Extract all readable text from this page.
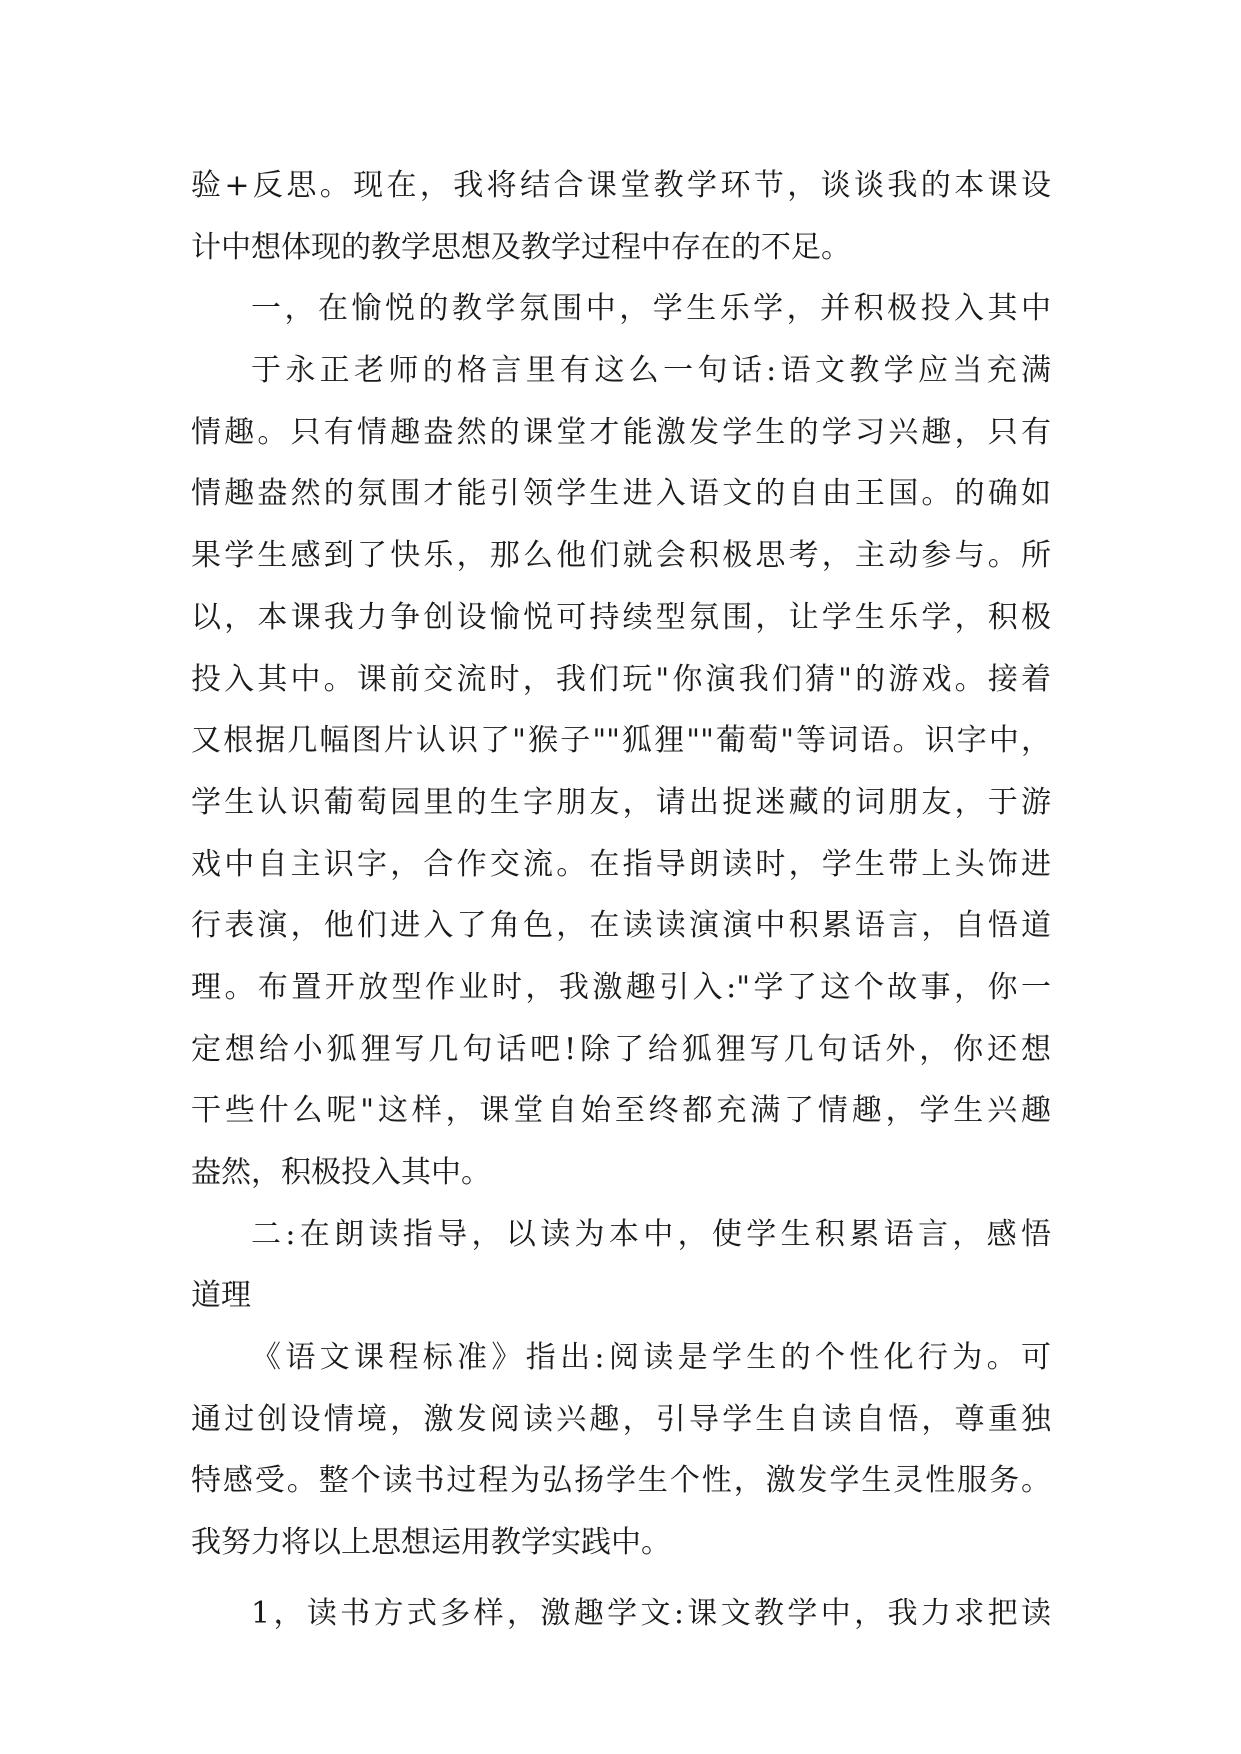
验+反思。现在，我将结合课堂教学环节，谈谈我的本课设
计中想体现的教学思想及教学过程中存在的不足。
一，在愉悦的教学氛围中，学生乐学，并积极投入其中
于永正老师的格言里有这么一句话:语文教学应当充满
情趣。只有情趣盎然的课堂才能激发学生的学习兴趣，只有
情趣盎然的氛围才能引领学生进入语文的自由王国。的确如
果学生感到了快乐，那么他们就会积极思考，主动参与。所
以，本课我力争创设愉悦可持续型氛围，让学生乐学，积极
投入其中。课前交流时，我们玩"你演我们猜"的游戏。接着
又根据几幅图片认识了"猴子""狐狸""葡萄"等词语。识字中，
学生认识葡萄园里的生字朋友，请出捉迷藏的词朋友，于游
戏中自主识字，合作交流。在指导朗读时，学生带上头饰进
行表演，他们进入了角色，在读读演演中积累语言，自悟道
理。布置开放型作业时，我激趣引入:"学了这个故事，你一
定想给小狐狸写几句话吧!除了给狐狸写几句话外，你还想
干些什么呢"这样，课堂自始至终都充满了情趣，学生兴趣
盎然，积极投入其中。
二:在朗读指导，以读为本中，使学生积累语言，感悟
道理
《语文课程标准》指出:阅读是学生的个性化行为。可
通过创设情境，激发阅读兴趣，引导学生自读自悟，尊重独
特感受。整个读书过程为弘扬学生个性，激发学生灵性服务。
我努力将以上思想运用教学实践中。
1，读书方式多样，激趣学文:课文教学中，我力求把读
